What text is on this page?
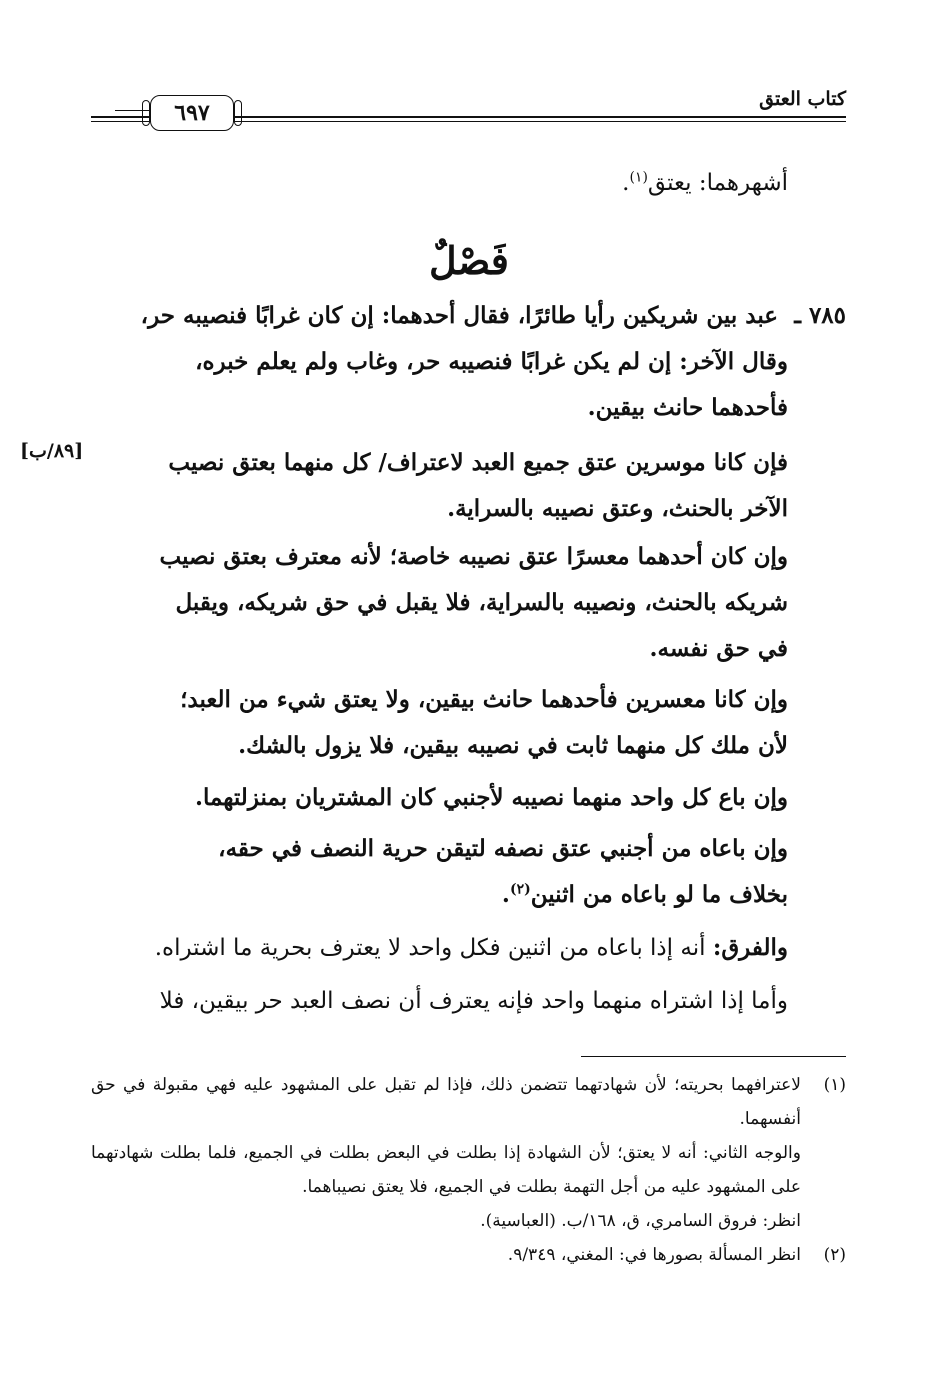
كتاب العتق
٦٩٧
أشهرهما: يعتق$^{(١)}$.
فَصْلٌ
٧٨٥ ـ
عبد بين شريكين رأيا طائرًا، فقال أحدهما: إن كان غرابًا فنصيبه حر،
وقال الآخر: إن لم يكن غرابًا فنصيبه حر، وغاب ولم يعلم خبره، فأحدهما حانث بيقين.
[٨٩/ب]	فإن كانا موسرين عتق جميع العبد لاعتراف/ كل منهما بعتق نصيب الآخر بالحنث، وعتق نصيبه بالسراية.
وإن كان أحدهما معسرًا عتق نصيبه خاصة؛ لأنه معترف بعتق نصيب شريكه بالحنث، ونصيبه بالسراية، فلا يقبل في حق شريكه، ويقبل في حق نفسه.
وإن كانا معسرين فأحدهما حانث بيقين، ولا يعتق شيء من العبد؛ لأن ملك كل منهما ثابت في نصيبه بيقين، فلا يزول بالشك.
وإن باع كل واحد منهما نصيبه لأجنبي كان المشتريان بمنزلتهما.
وإن باعاه من أجنبي عتق نصفه لتيقن حرية النصف في حقه، بخلاف ما لو باعاه من اثنين$^{(٢)}$.
والفرق: أنه إذا باعاه من اثنين فكل واحد لا يعترف بحرية ما اشتراه.
وأما إذا اشتراه منهما واحد فإنه يعترف أن نصف العبد حر بيقين، فلا
(١)
لاعترافهما بحريته؛ لأن شهادتهما تتضمن ذلك، فإذا لم تقبل على المشهود عليه فهي مقبولة في حق أنفسهما.
والوجه الثاني: أنه لا يعتق؛ لأن الشهادة إذا بطلت في البعض بطلت في الجميع، فلما بطلت شهادتهما على المشهود عليه من أجل التهمة بطلت في الجميع، فلا يعتق نصيباهما.
انظر: فروق السامري، ق، ١٦٨/ب. (العباسية).
(٢)
انظر المسألة بصورها في: المغني، ٩/٣٤٩.
